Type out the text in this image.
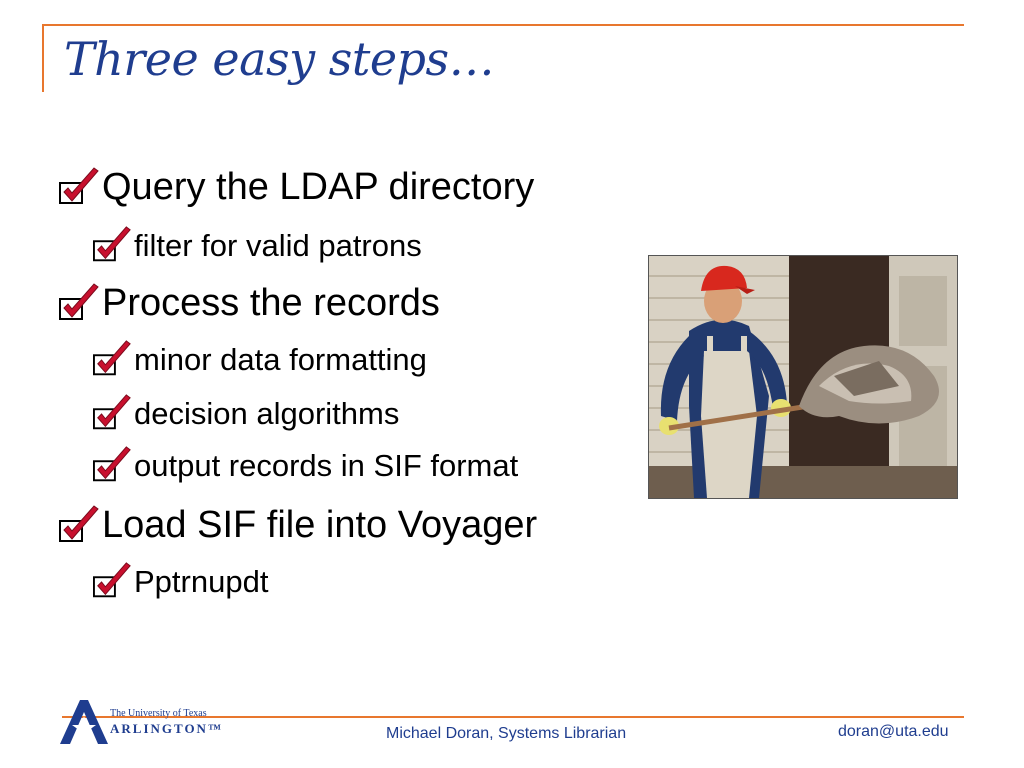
Three easy steps…
Query the LDAP directory
filter for valid patrons
Process the records
minor data formatting
decision algorithms
output records in SIF format
Load SIF file into Voyager
Pptrnupdt
The University of Texas
ARLINGTON™	Michael Doran, Systems Librarian	doran@uta.edu
